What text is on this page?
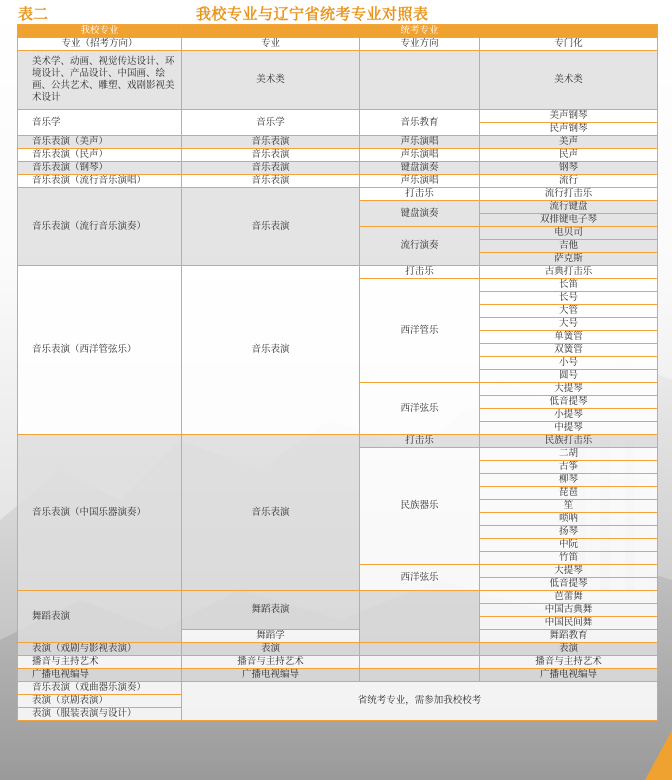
表二	我校专业与辽宁省统考专业对照表
我校专业	统考专业		
专业（招考方向）	专业	专业方向	专门化
美术学、动画、视觉传达设计、环境设计、产品设计、中国画、绘画、公共艺术、雕塑、戏剧影视美术设计	美术类		美术类
音乐学	音乐学	音乐教育	美声钢琴
			民声钢琴
音乐表演（美声）	音乐表演	声乐演唱	美声
音乐表演（民声）	音乐表演	声乐演唱	民声
音乐表演（钢琴）	音乐表演	键盘演奏	钢琴
音乐表演（流行音乐演唱）	音乐表演	声乐演唱	流行
音乐表演（流行音乐演奏）	音乐表演	打击乐	流行打击乐
		键盘演奏	流行键盘
			双排键电子琴
		流行演奏	电贝司
			吉他
			萨克斯
音乐表演（西洋管弦乐）	音乐表演	打击乐	古典打击乐
		西洋管乐	长笛
			长号
			大管
			大号
			单簧管
			双簧管
			小号
			圆号
		西洋弦乐	大提琴
			低音提琴
			小提琴
			中提琴
音乐表演（中国乐器演奏）	音乐表演	打击乐	民族打击乐
		民族器乐	二胡
			古筝
			柳琴
			琵琶
			笙
			唢呐
			扬琴
			中阮
			竹笛
		西洋弦乐	大提琴
			低音提琴
舞蹈表演	舞蹈表演		芭蕾舞
			中国古典舞
			中国民间舞
	舞蹈学		舞蹈教育
表演（戏剧与影视表演）	表演		表演
播音与主持艺术	播音与主持艺术		播音与主持艺术
广播电视编导	广播电视编导		广播电视编导
音乐表演（戏曲器乐演奏）	省统考专业，需参加我校校考		
表演（京剧表演）			
表演（服装表演与设计）			
